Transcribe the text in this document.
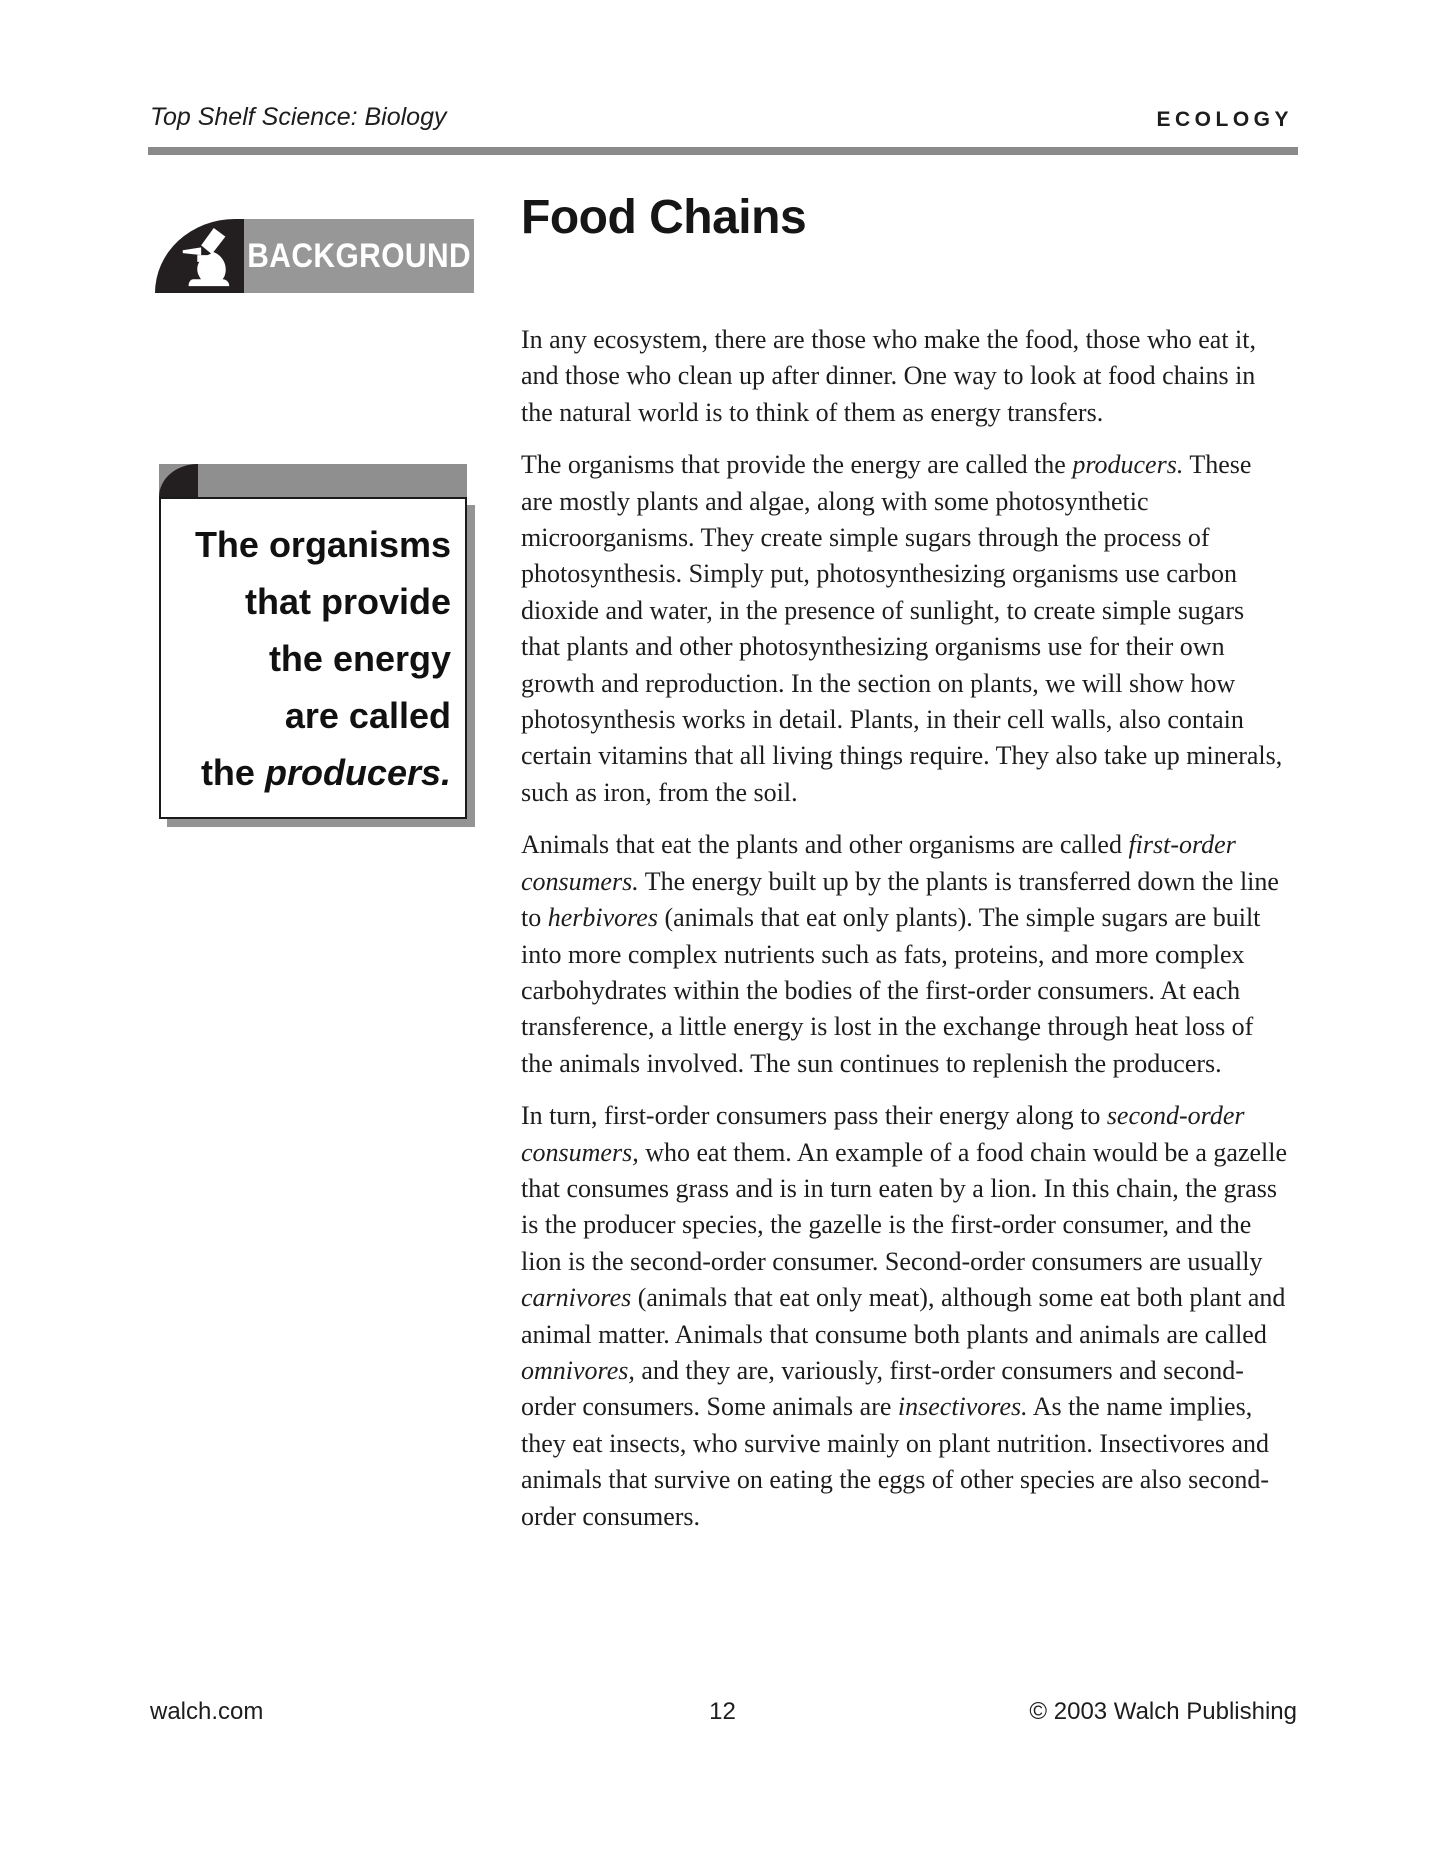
Top Shelf Science: Biology	ECOLOGY
BACKGROUND
Food Chains

In any ecosystem, there are those who make the food, those who eat it, and those who clean up after dinner. One way to look at food chains in the natural world is to think of them as energy transfers.

The organisms that provide the energy are called the producers. These are mostly plants and algae, along with some photosynthetic microorganisms. They create simple sugars through the process of photosynthesis. Simply put, photosynthesizing organisms use carbon dioxide and water, in the presence of sunlight, to create simple sugars that plants and other photosynthesizing organisms use for their own growth and reproduction. In the section on plants, we will show how photosynthesis works in detail. Plants, in their cell walls, also contain certain vitamins that all living things require. They also take up minerals, such as iron, from the soil.

Animals that eat the plants and other organisms are called first-order consumers. The energy built up by the plants is transferred down the line to herbivores (animals that eat only plants). The simple sugars are built into more complex nutrients such as fats, proteins, and more complex carbohydrates within the bodies of the first-order consumers. At each transference, a little energy is lost in the exchange through heat loss of the animals involved. The sun continues to replenish the producers.

In turn, first-order consumers pass their energy along to second-order consumers, who eat them. An example of a food chain would be a gazelle that consumes grass and is in turn eaten by a lion. In this chain, the grass is the producer species, the gazelle is the first-order consumer, and the lion is the second-order consumer. Second-order consumers are usually carnivores (animals that eat only meat), although some eat both plant and animal matter. Animals that consume both plants and animals are called omnivores, and they are, variously, first-order consumers and second-order consumers. Some animals are insectivores. As the name implies, they eat insects, who survive mainly on plant nutrition. Insectivores and animals that survive on eating the eggs of other species are also second-order consumers.

The organisms
that provide
the energy
are called
the producers.
walch.com	12	© 2003 Walch Publishing
